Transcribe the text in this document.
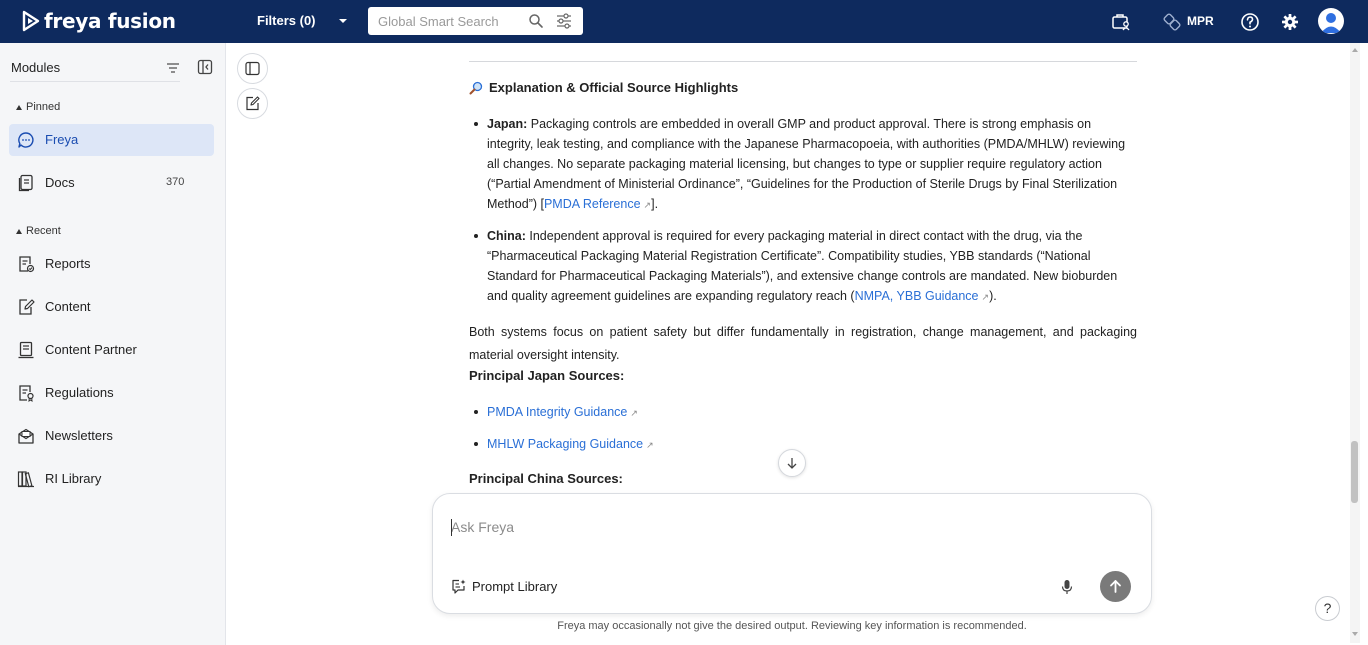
freya fusion	Filters (0)
Global Smart Search	MPR
Modules
Pinned
Freya
Docs	370
Recent
Reports
Content
Content Partner
Regulations
Newsletters
RI Library
Explanation & Official Source Highlights
Japan: Packaging controls are embedded in overall GMP and product approval. There is strong emphasis on integrity, leak testing, and compliance with the Japanese Pharmacopoeia, with authorities (PMDA/MHLW) reviewing all changes. No separate packaging material licensing, but changes to type or supplier require regulatory action (“Partial Amendment of Ministerial Ordinance”, “Guidelines for the Production of Sterile Drugs by Final Sterilization Method”) [PMDA Reference ↗].
China: Independent approval is required for every packaging material in direct contact with the drug, via the “Pharmaceutical Packaging Material Registration Certificate”. Compatibility studies, YBB standards (“National Standard for Pharmaceutical Packaging Materials”), and extensive change controls are mandated. New bioburden and quality agreement guidelines are expanding regulatory reach (NMPA, YBB Guidance ↗).
Both systems focus on patient safety but differ fundamentally in registration, change management, and packaging material oversight intensity.
Principal Japan Sources:
PMDA Integrity Guidance ↗
MHLW Packaging Guidance ↗
Principal China Sources:
Ask Freya
Prompt Library
Freya may occasionally not give the desired output. Reviewing key information is recommended.
?
